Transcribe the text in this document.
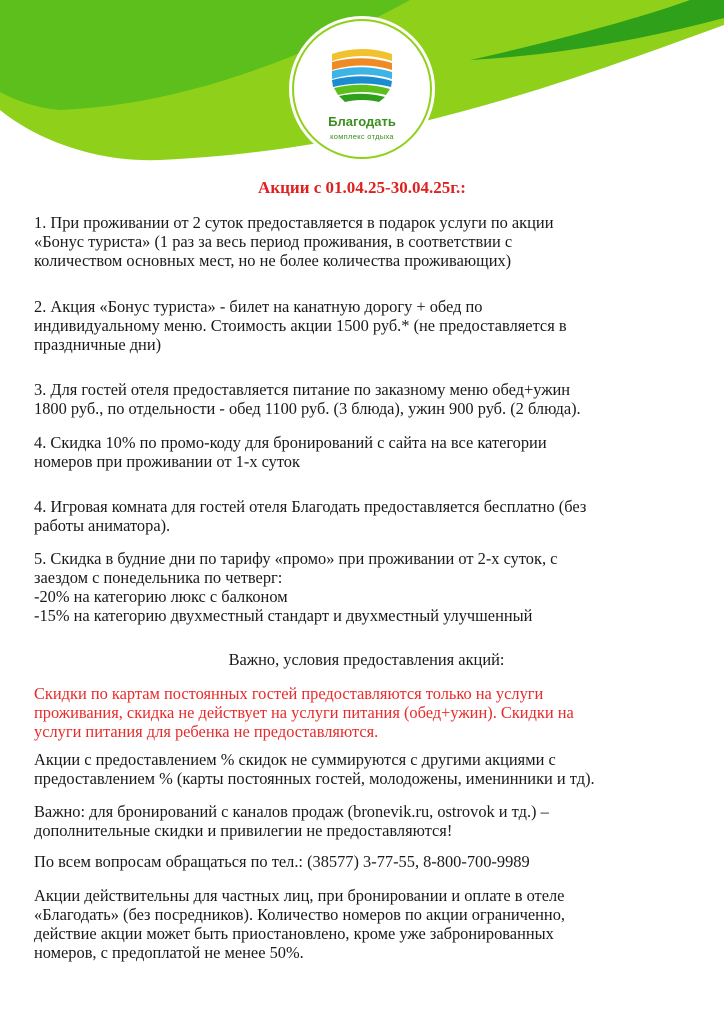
Благодать
комплекс отдыха
Акции с 01.04.25-30.04.25г.:

1. При проживании от 2 суток предоставляется в подарок услуги по акции
«Бонус туриста» (1 раз за весь период проживания, в соответствии с
количеством основных мест, но не более количества проживающих)

2. Акция «Бонус туриста» - билет на канатную дорогу + обед по
индивидуальному меню. Стоимость акции 1500 руб.* (не предоставляется в
праздничные дни)

3. Для гостей отеля предоставляется питание по заказному меню обед+ужин
1800 руб., по отдельности - обед 1100 руб. (3 блюда), ужин 900 руб. (2 блюда).

4. Скидка 10% по промо-коду для бронирований с сайта на все категории
номеров при проживании от 1-х суток

4. Игровая комната для гостей отеля Благодать предоставляется бесплатно (без
работы аниматора).

5. Скидка в будние дни по тарифу «промо» при проживании от 2-х суток, с
заездом с понедельника по четверг:
-20% на категорию люкс с балконом
-15% на категорию двухместный стандарт и двухместный улучшенный

Важно, условия предоставления акций:

Скидки по картам постоянных гостей предоставляются только на услуги
проживания, скидка не действует на услуги питания (обед+ужин). Скидки на
услуги питания для ребенка не предоставляются.

Акции с предоставлением % скидок не суммируются с другими акциями с
предоставлением % (карты постоянных гостей, молодожены, именинники и тд).

Важно: для бронирований с каналов продаж (bronevik.ru, ostrovok и тд.) –
дополнительные скидки и привилегии не предоставляются!

По всем вопросам обращаться по тел.: (38577) 3-77-55, 8-800-700-9989

Акции действительны для частных лиц, при бронировании и оплате в отеле
«Благодать» (без посредников). Количество номеров по акции ограниченно,
действие акции может быть приостановлено, кроме уже забронированных
номеров, с предоплатой не менее 50%.
